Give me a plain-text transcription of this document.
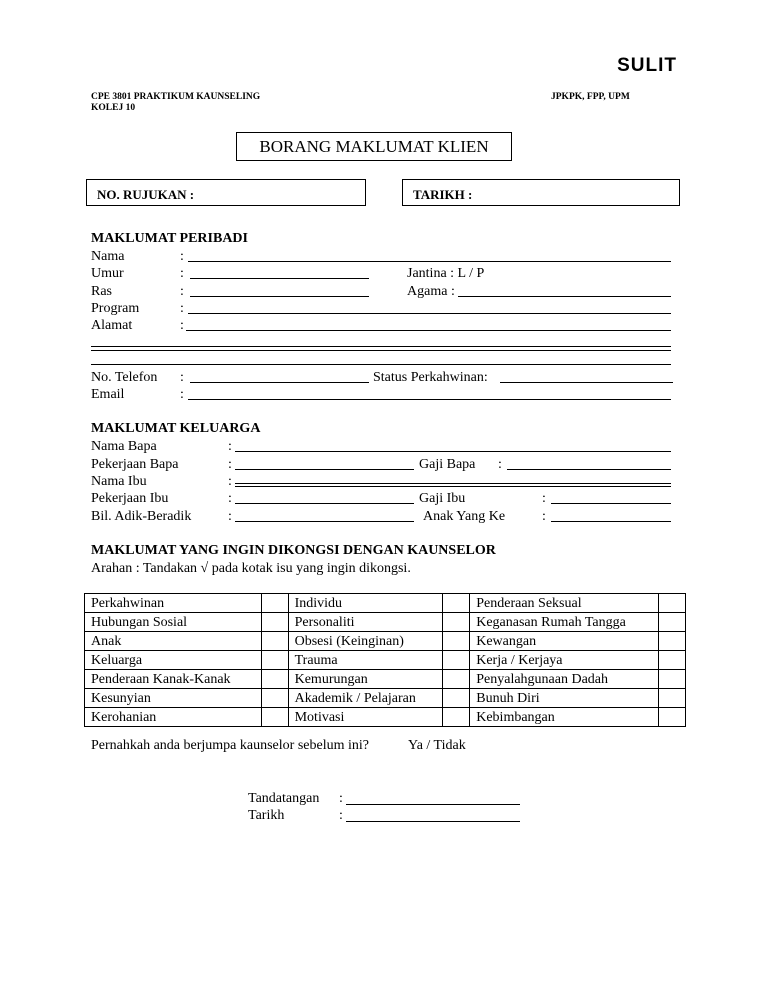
SULIT
CPE 3801 PRAKTIKUM KAUNSELING
KOLEJ 10
JPKPK, FPP, UPM
BORANG MAKLUMAT KLIEN
NO. RUJUKAN :	TARIKH :
MAKLUMAT PERIBADI
Nama	:
Umur	:	Jantina : L / P
Ras	:	Agama :
Program	:
Alamat	:
No. Telefon :	Status Perkahwinan:
Email	:
MAKLUMAT KELUARGA
Nama Bapa	:
Pekerjaan Bapa	:	Gaji Bapa :
Nama Ibu	:
Pekerjaan Ibu	:	Gaji Ibu	:
Bil. Adik-Beradik	:	Anak Yang Ke	:
MAKLUMAT YANG INGIN DIKONGSI DENGAN KAUNSELOR
Arahan : Tandakan √ pada kotak isu yang ingin dikongsi.
Perkahwinan		Individu		Penderaan Seksual	
Hubungan Sosial		Personaliti		Keganasan Rumah Tangga	
Anak		Obsesi (Keinginan)		Kewangan	
Keluarga		Trauma		Kerja / Kerjaya	
Penderaan Kanak-Kanak		Kemurungan		Penyalahgunaan Dadah	
Kesunyian		Akademik / Pelajaran		Bunuh Diri	
Kerohanian		Motivasi		Kebimbangan	
Pernahkah anda berjumpa kaunselor sebelum ini?	Ya / Tidak
Tandatangan :
Tarikh	:
